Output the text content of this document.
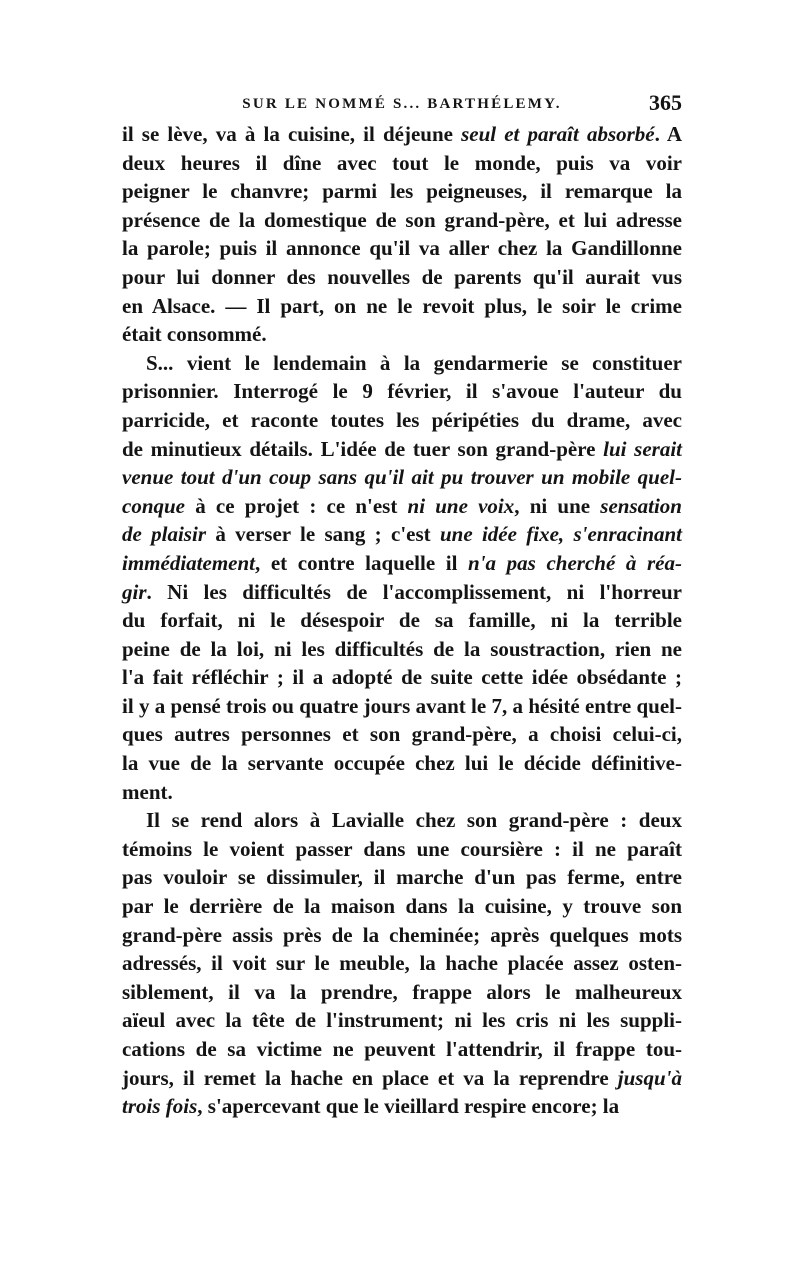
SUR LE NOMMÉ S... BARTHÉLEMY.	365
il se lève, va à la cuisine, il déjeune seul et paraît absorbé. A
deux heures il dîne avec tout le monde, puis va voir
peigner le chanvre; parmi les peigneuses, il remarque la
présence de la domestique de son grand-père, et lui adresse
la parole; puis il annonce qu'il va aller chez la Gandillonne
pour lui donner des nouvelles de parents qu'il aurait vus
en Alsace. — Il part, on ne le revoit plus, le soir le crime
était consommé.
S... vient le lendemain à la gendarmerie se constituer
prisonnier. Interrogé le 9 février, il s'avoue l'auteur du
parricide, et raconte toutes les péripéties du drame, avec
de minutieux détails. L'idée de tuer son grand-père lui serait
venue tout d'un coup sans qu'il ait pu trouver un mobile quel-
conque à ce projet : ce n'est ni une voix, ni une sensation
de plaisir à verser le sang ; c'est une idée fixe, s'enracinant
immédiatement, et contre laquelle il n'a pas cherché à réa-
gir. Ni les difficultés de l'accomplissement, ni l'horreur
du forfait, ni le désespoir de sa famille, ni la terrible
peine de la loi, ni les difficultés de la soustraction, rien ne
l'a fait réfléchir ; il a adopté de suite cette idée obsédante ;
il y a pensé trois ou quatre jours avant le 7, a hésité entre quel-
ques autres personnes et son grand-père, a choisi celui-ci,
la vue de la servante occupée chez lui le décide définitive-
ment.
Il se rend alors à Lavialle chez son grand-père : deux
témoins le voient passer dans une coursière : il ne paraît
pas vouloir se dissimuler, il marche d'un pas ferme, entre
par le derrière de la maison dans la cuisine, y trouve son
grand-père assis près de la cheminée; après quelques mots
adressés, il voit sur le meuble, la hache placée assez osten-
siblement, il va la prendre, frappe alors le malheureux
aïeul avec la tête de l'instrument; ni les cris ni les suppli-
cations de sa victime ne peuvent l'attendrir, il frappe tou-
jours, il remet la hache en place et va la reprendre jusqu'à
trois fois, s'apercevant que le vieillard respire encore; la
